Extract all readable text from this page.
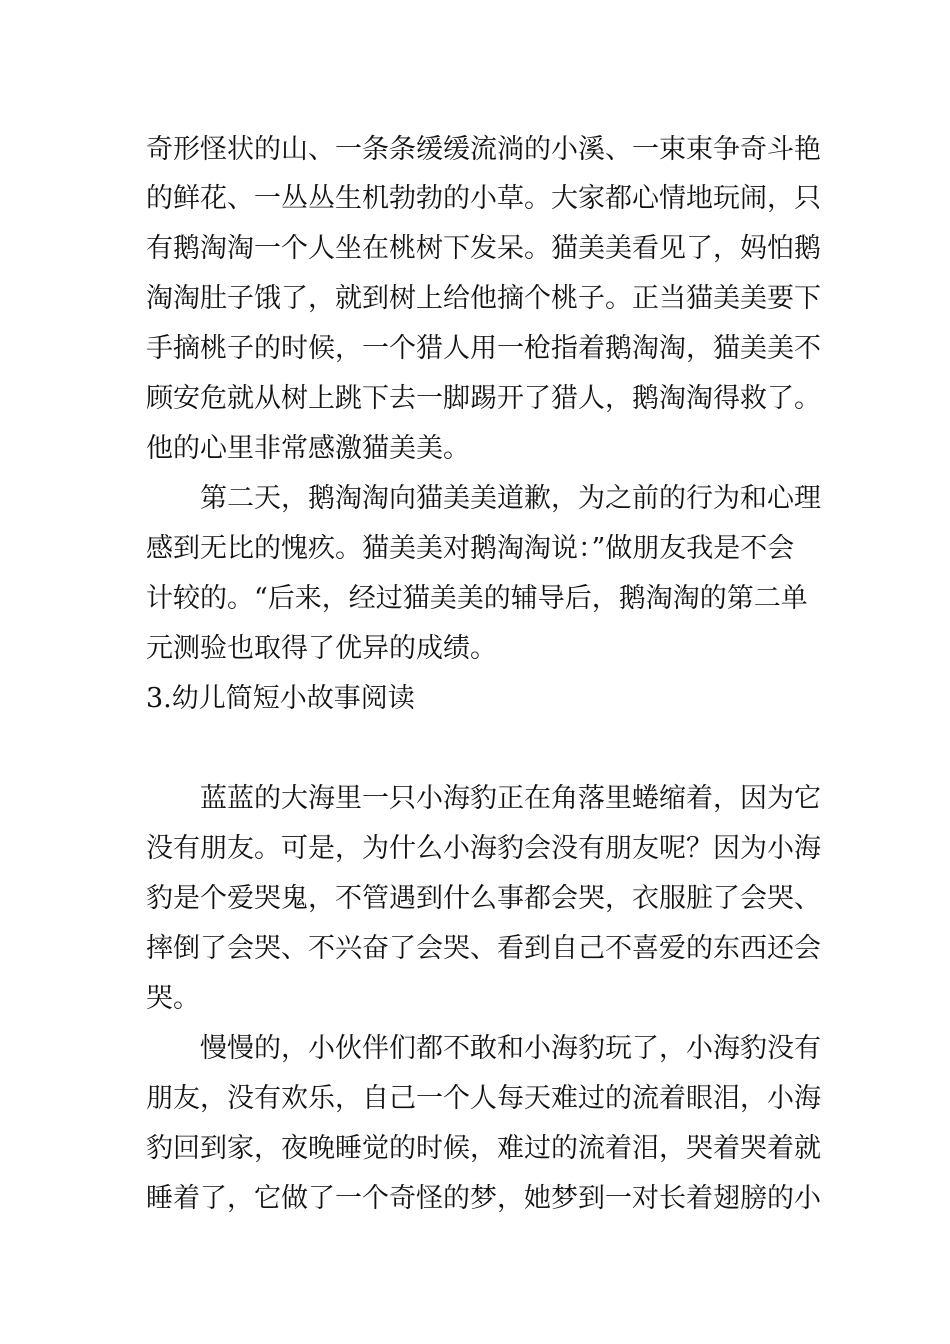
奇形怪状的山、一条条缓缓流淌的小溪、一束束争奇斗艳
的鲜花、一丛丛生机勃勃的小草。大家都心情地玩闹，只
有鹅淘淘一个人坐在桃树下发呆。猫美美看见了，妈怕鹅
淘淘肚子饿了，就到树上给他摘个桃子。正当猫美美要下
手摘桃子的时候，一个猎人用一枪指着鹅淘淘，猫美美不
顾安危就从树上跳下去一脚踢开了猎人，鹅淘淘得救了。
他的心里非常感激猫美美。
第二天，鹅淘淘向猫美美道歉，为之前的行为和心理
感到无比的愧疚。猫美美对鹅淘淘说：”做朋友我是不会
计较的。“后来，经过猫美美的辅导后，鹅淘淘的第二单
元测验也取得了优异的成绩。
3.幼儿简短小故事阅读
蓝蓝的大海里一只小海豹正在角落里蜷缩着，因为它
没有朋友。可是，为什么小海豹会没有朋友呢？因为小海
豹是个爱哭鬼，不管遇到什么事都会哭，衣服脏了会哭、
摔倒了会哭、不兴奋了会哭、看到自己不喜爱的东西还会
哭。
慢慢的，小伙伴们都不敢和小海豹玩了，小海豹没有
朋友，没有欢乐，自己一个人每天难过的流着眼泪，小海
豹回到家，夜晚睡觉的时候，难过的流着泪，哭着哭着就
睡着了，它做了一个奇怪的梦，她梦到一对长着翅膀的小
